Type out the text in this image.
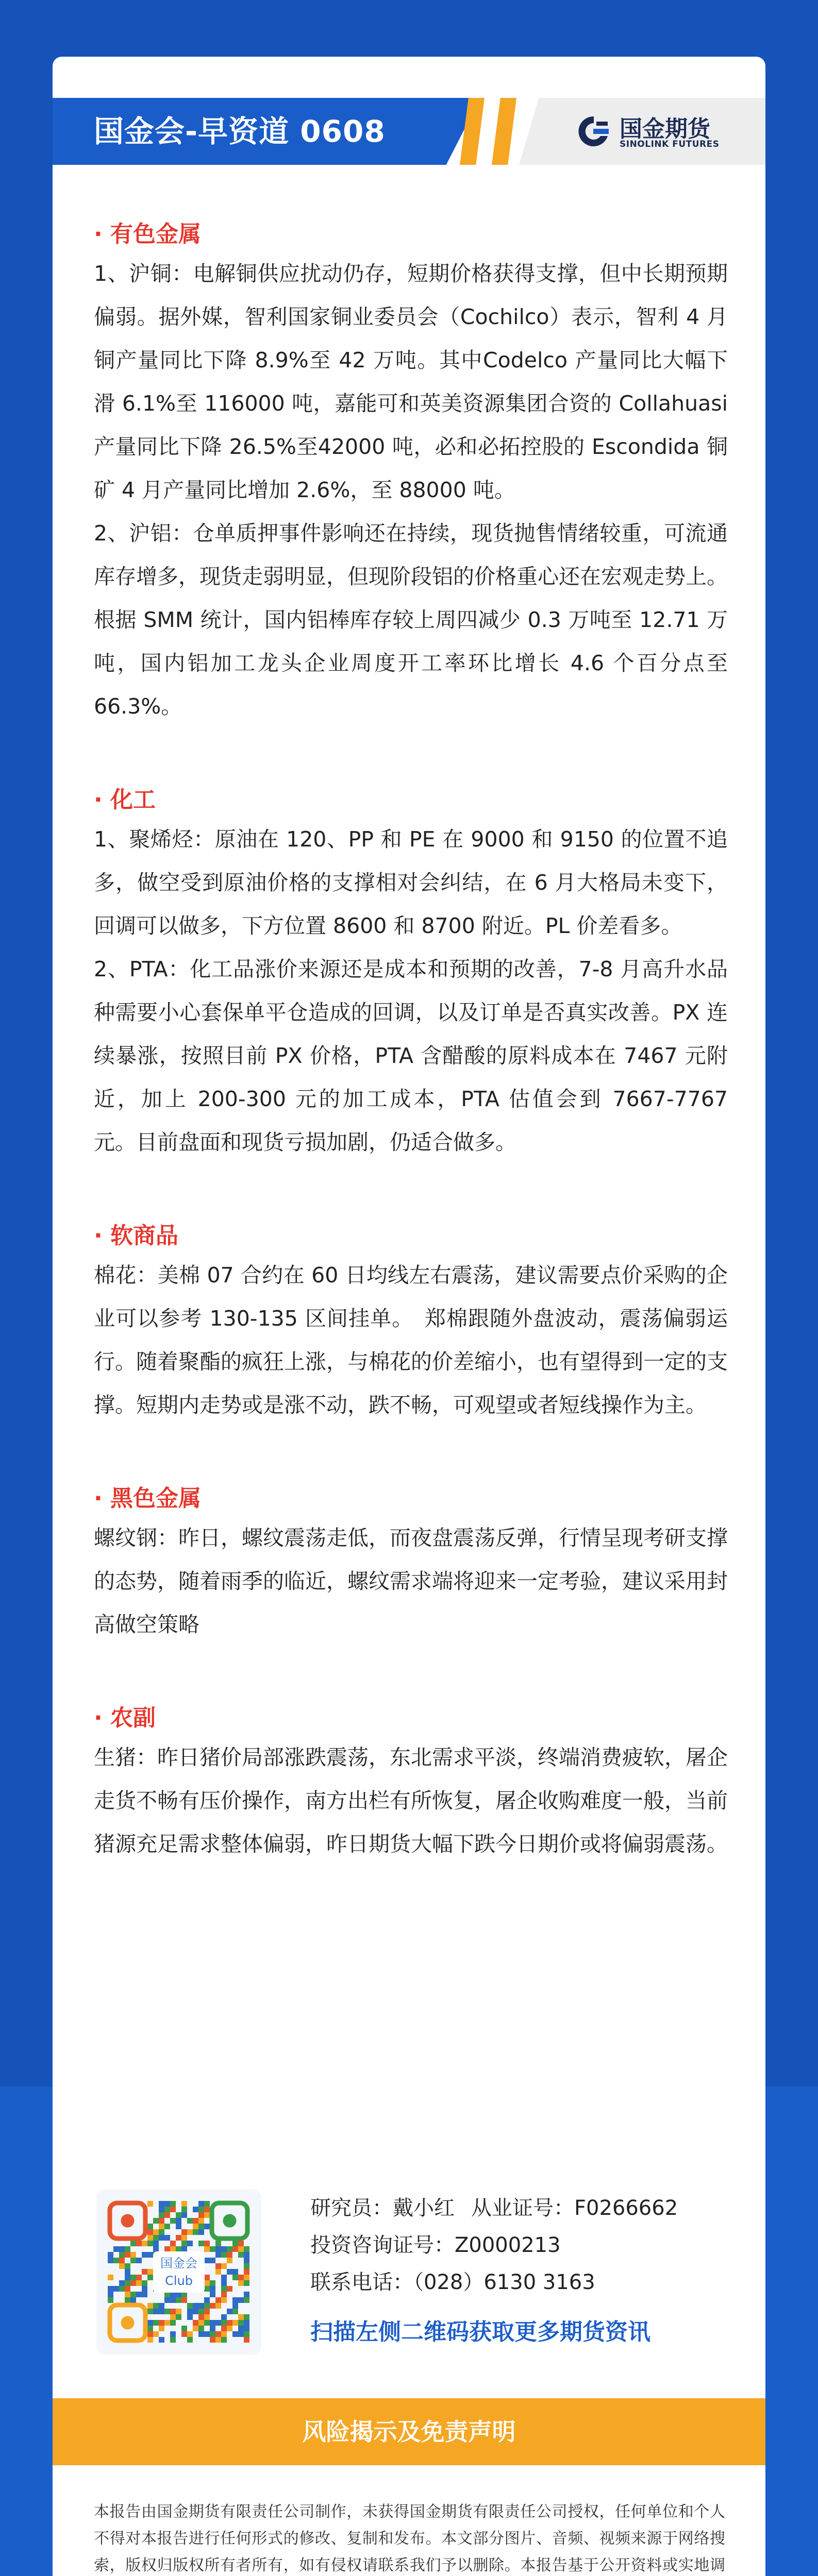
国金会-早资道 0608	国金期货
SINOLINK FUTURES

· 有色金属

1、沪铜：电解铜供应扰动仍存，短期价格获得支撑，但中长期预期偏弱。据外媒，智利国家铜业委员会（Cochilco）表示，智利 4 月铜产量同比下降 8.9%至 42 万吨。其中Codelco 产量同比大幅下滑 6.1%至 116000 吨，嘉能可和英美资源集团合资的 Collahuasi 产量同比下降 26.5%至42000 吨，必和必拓控股的 Escondida 铜矿 4 月产量同比增加 2.6%，至 88000 吨。

2、沪铝：仓单质押事件影响还在持续，现货抛售情绪较重，可流通库存增多，现货走弱明显，但现阶段铝的价格重心还在宏观走势上。根据 SMM 统计，国内铝棒库存较上周四减少 0.3 万吨至 12.71 万吨，国内铝加工龙头企业周度开工率环比增长 4.6 个百分点至 66.3%。

· 化工

1、聚烯烃：原油在 120、PP 和 PE 在 9000 和 9150 的位置不追多，做空受到原油价格的支撑相对会纠结，在 6 月大格局未变下，回调可以做多，下方位置 8600 和 8700 附近。PL 价差看多。

2、PTA：化工品涨价来源还是成本和预期的改善，7-8 月高升水品种需要小心套保单平仓造成的回调，以及订单是否真实改善。PX 连续暴涨，按照目前 PX 价格，PTA 含醋酸的原料成本在 7467 元附近，加上 200-300 元的加工成本，PTA 估值会到 7667-7767 元。目前盘面和现货亏损加剧，仍适合做多。

· 软商品

棉花：美棉 07 合约在 60 日均线左右震荡，建议需要点价采购的企业可以参考 130-135 区间挂单。　郑棉跟随外盘波动，震荡偏弱运行。随着聚酯的疯狂上涨，与棉花的价差缩小，也有望得到一定的支撑。短期内走势或是涨不动，跌不畅，可观望或者短线操作为主。

· 黑色金属

螺纹钢：昨日，螺纹震荡走低，而夜盘震荡反弹，行情呈现考研支撑的态势，随着雨季的临近，螺纹需求端将迎来一定考验，建议采用封高做空策略

· 农副

生猪：昨日猪价局部涨跌震荡，东北需求平淡，终端消费疲软，屠企走货不畅有压价操作，南方出栏有所恢复，屠企收购难度一般，当前猪源充足需求整体偏弱，昨日期货大幅下跌今日期价或将偏弱震荡。

国金会
Club
研究员：戴小红 从业证号：F0266662
投资咨询证号：Z0000213
联系电话：（028）6130 3163
扫描左侧二维码获取更多期货资讯
风险揭示及免责声明
本报告由国金期货有限责任公司制作，未获得国金期货有限责任公司授权，任何单位和个人不得对本报告进行任何形式的修改、复制和发布。本文部分图片、音频、视频来源于网络搜索，版权归版权所有者所有，如有侵权请联系我们予以删除。本报告基于公开资料或实地调
